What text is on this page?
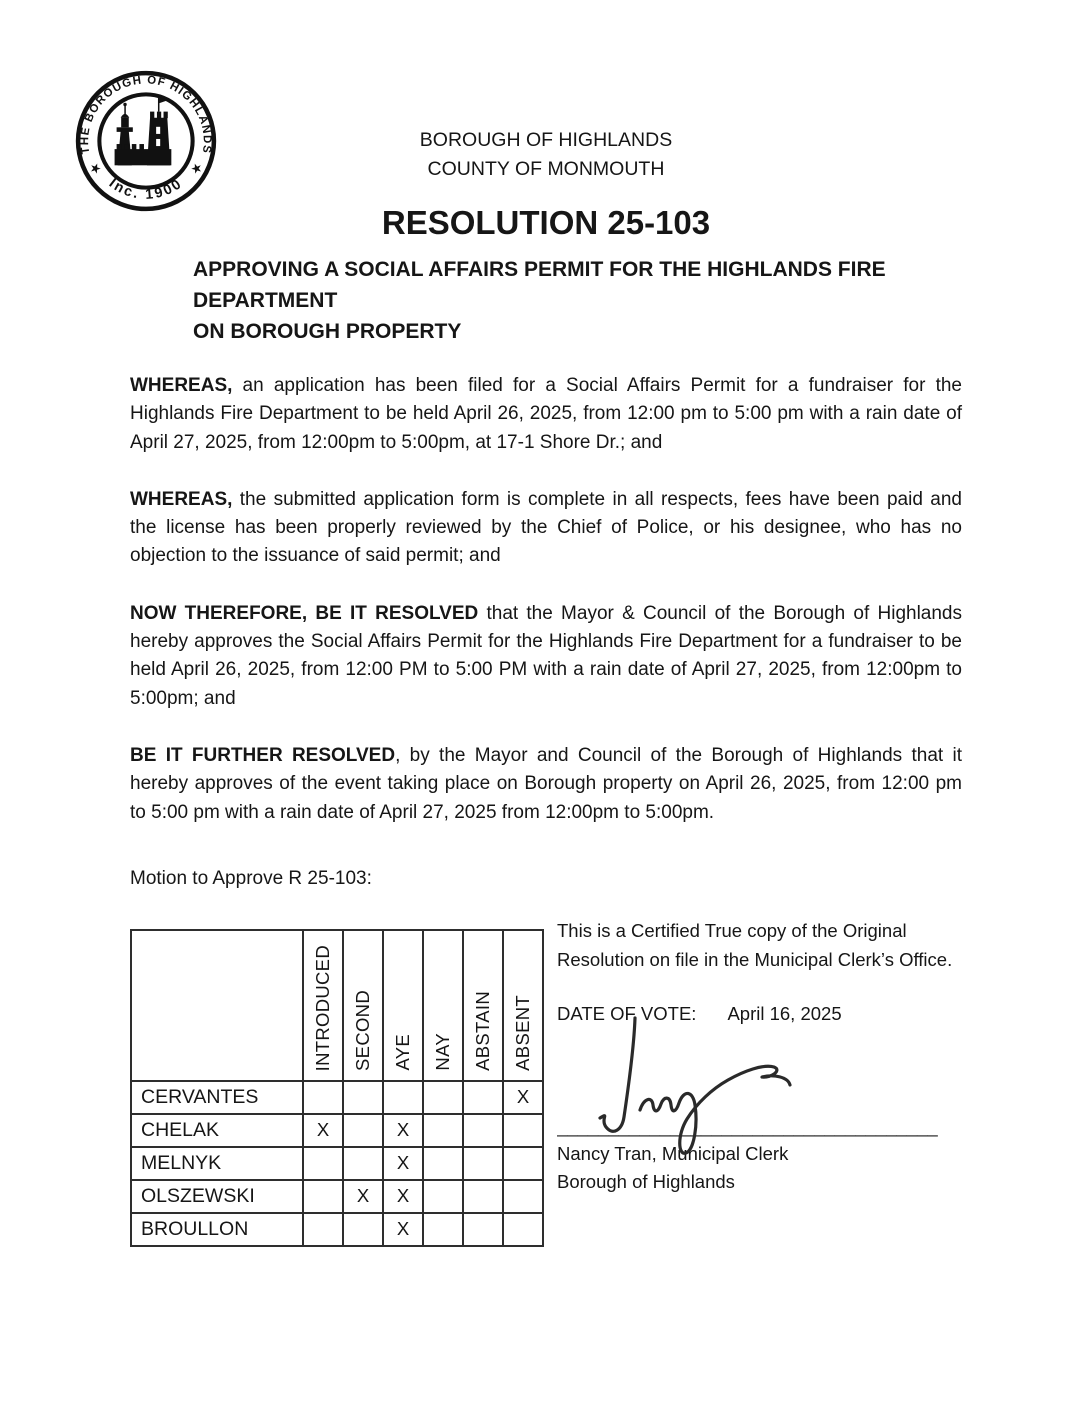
THE BOROUGH OF HIGHLANDS
Inc. 1900
★	★
BOROUGH OF HIGHLANDS
COUNTY OF MONMOUTH
RESOLUTION 25-103
APPROVING A SOCIAL AFFAIRS PERMIT FOR THE HIGHLANDS FIRE DEPARTMENT
ON BOROUGH PROPERTY

WHEREAS, an application has been filed for a Social Affairs Permit for a fundraiser for the Highlands Fire Department to be held April 26, 2025, from 12:00 pm to 5:00 pm with a rain date of April 27, 2025, from 12:00pm to 5:00pm, at 17-1 Shore Dr.; and

WHEREAS, the submitted application form is complete in all respects, fees have been paid and the license has been properly reviewed by the Chief of Police, or his designee, who has no objection to the issuance of said permit; and

NOW THEREFORE, BE IT RESOLVED that the Mayor & Council of the Borough of Highlands hereby approves the Social Affairs Permit for the Highlands Fire Department for a fundraiser to be held April 26, 2025, from 12:00 PM to 5:00 PM with a rain date of April 27, 2025, from 12:00pm to 5:00pm; and

BE IT FURTHER RESOLVED, by the Mayor and Council of the Borough of Highlands that it hereby approves of the event taking place on Borough property on April 26, 2025, from 12:00 pm to 5:00 pm with a rain date of April 27, 2025 from 12:00pm to 5:00pm.

Motion to Approve R 25-103:

	INTRODUCED	SECOND	AYE	NAY	ABSTAIN	ABSENT

CERVANTES						X
CHELAK	X		X			
MELNYK			X			
OLSZEWSKI		X	X			
BROULLON			X			
This is a Certified True copy of the Original Resolution on file in the Municipal Clerk’s Office.
DATE OF VOTE: April 16, 2025
_____________________________________
Nancy Tran, Municipal Clerk
Borough of Highlands
